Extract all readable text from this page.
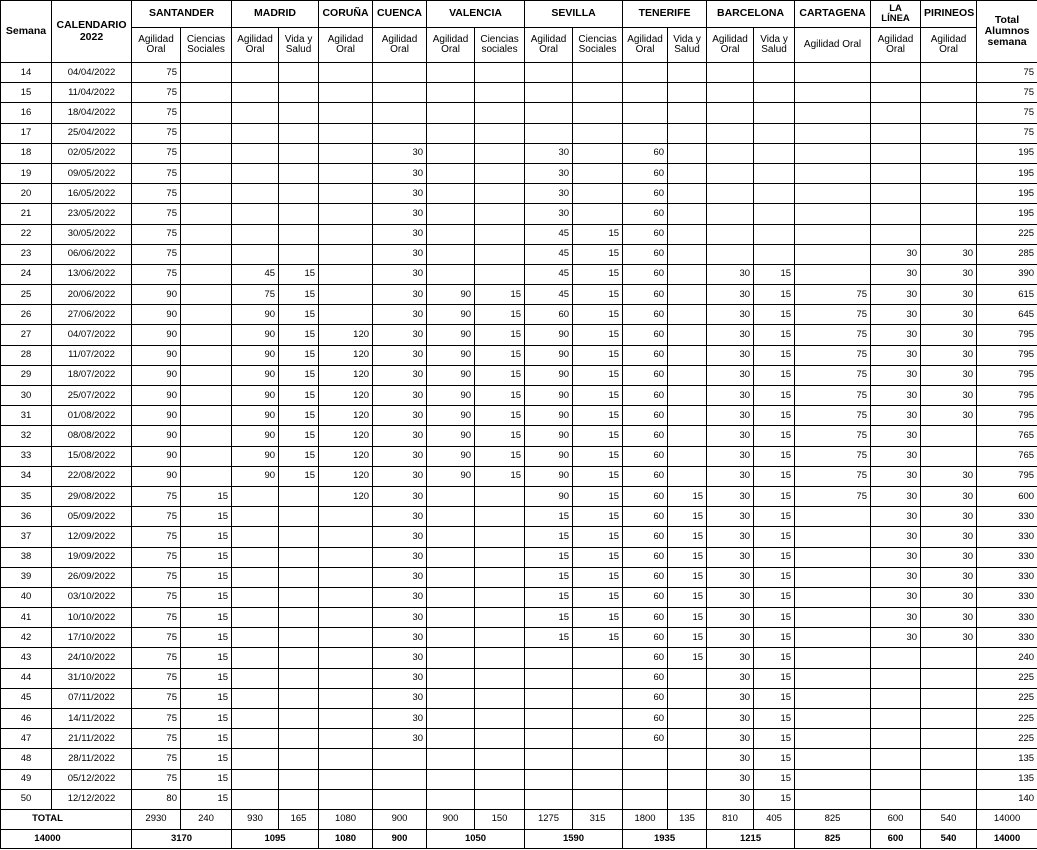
Semana	CALENDARIO 2022	SANTANDER		MADRID		CORUÑA	CUENCA	VALENCIA		SEVILLA		TENERIFE		BARCELONA		CARTAGENA	LA LÍNEA	PIRINEOS	Total Alumnos semana
		Agilidad Oral	Ciencias Sociales	Agilidad Oral	Vida y Salud	Agilidad Oral	Agilidad Oral	Agilidad Oral	Ciencias sociales	Agilidad Oral	Ciencias Sociales	Agilidad Oral	Vida y Salud	Agilidad Oral	Vida y Salud	Agilidad Oral	Agilidad Oral	Agilidad Oral	
14	04/04/2022	75																	75
15	11/04/2022	75																	75
16	18/04/2022	75																	75
17	25/04/2022	75																	75
18	02/05/2022	75					30			30		60							195
19	09/05/2022	75					30			30		60							195
20	16/05/2022	75					30			30		60							195
21	23/05/2022	75					30			30		60							195
22	30/05/2022	75					30			45	15	60							225
23	06/06/2022	75					30			45	15	60					30	30	285
24	13/06/2022	75		45	15		30			45	15	60		30	15		30	30	390
25	20/06/2022	90		75	15		30	90	15	45	15	60		30	15	75	30	30	615
26	27/06/2022	90		90	15		30	90	15	60	15	60		30	15	75	30	30	645
27	04/07/2022	90		90	15	120	30	90	15	90	15	60		30	15	75	30	30	795
28	11/07/2022	90		90	15	120	30	90	15	90	15	60		30	15	75	30	30	795
29	18/07/2022	90		90	15	120	30	90	15	90	15	60		30	15	75	30	30	795
30	25/07/2022	90		90	15	120	30	90	15	90	15	60		30	15	75	30	30	795
31	01/08/2022	90		90	15	120	30	90	15	90	15	60		30	15	75	30	30	795
32	08/08/2022	90		90	15	120	30	90	15	90	15	60		30	15	75	30		765
33	15/08/2022	90		90	15	120	30	90	15	90	15	60		30	15	75	30		765
34	22/08/2022	90		90	15	120	30	90	15	90	15	60		30	15	75	30	30	795
35	29/08/2022	75	15			120	30			90	15	60	15	30	15	75	30	30	600
36	05/09/2022	75	15				30			15	15	60	15	30	15		30	30	330
37	12/09/2022	75	15				30			15	15	60	15	30	15		30	30	330
38	19/09/2022	75	15				30			15	15	60	15	30	15		30	30	330
39	26/09/2022	75	15				30			15	15	60	15	30	15		30	30	330
40	03/10/2022	75	15				30			15	15	60	15	30	15		30	30	330
41	10/10/2022	75	15				30			15	15	60	15	30	15		30	30	330
42	17/10/2022	75	15				30			15	15	60	15	30	15		30	30	330
43	24/10/2022	75	15				30					60	15	30	15				240
44	31/10/2022	75	15				30					60		30	15				225
45	07/11/2022	75	15				30					60		30	15				225
46	14/11/2022	75	15				30					60		30	15				225
47	21/11/2022	75	15				30					60		30	15				225
48	28/11/2022	75	15											30	15				135
49	05/12/2022	75	15											30	15				135
50	12/12/2022	80	15											30	15				140
TOTAL		2930	240	930	165	1080	900	900	150	1275	315	1800	135	810	405	825	600	540	14000
14000		3170		1095		1080	900	1050		1590		1935		1215		825	600	540	14000
